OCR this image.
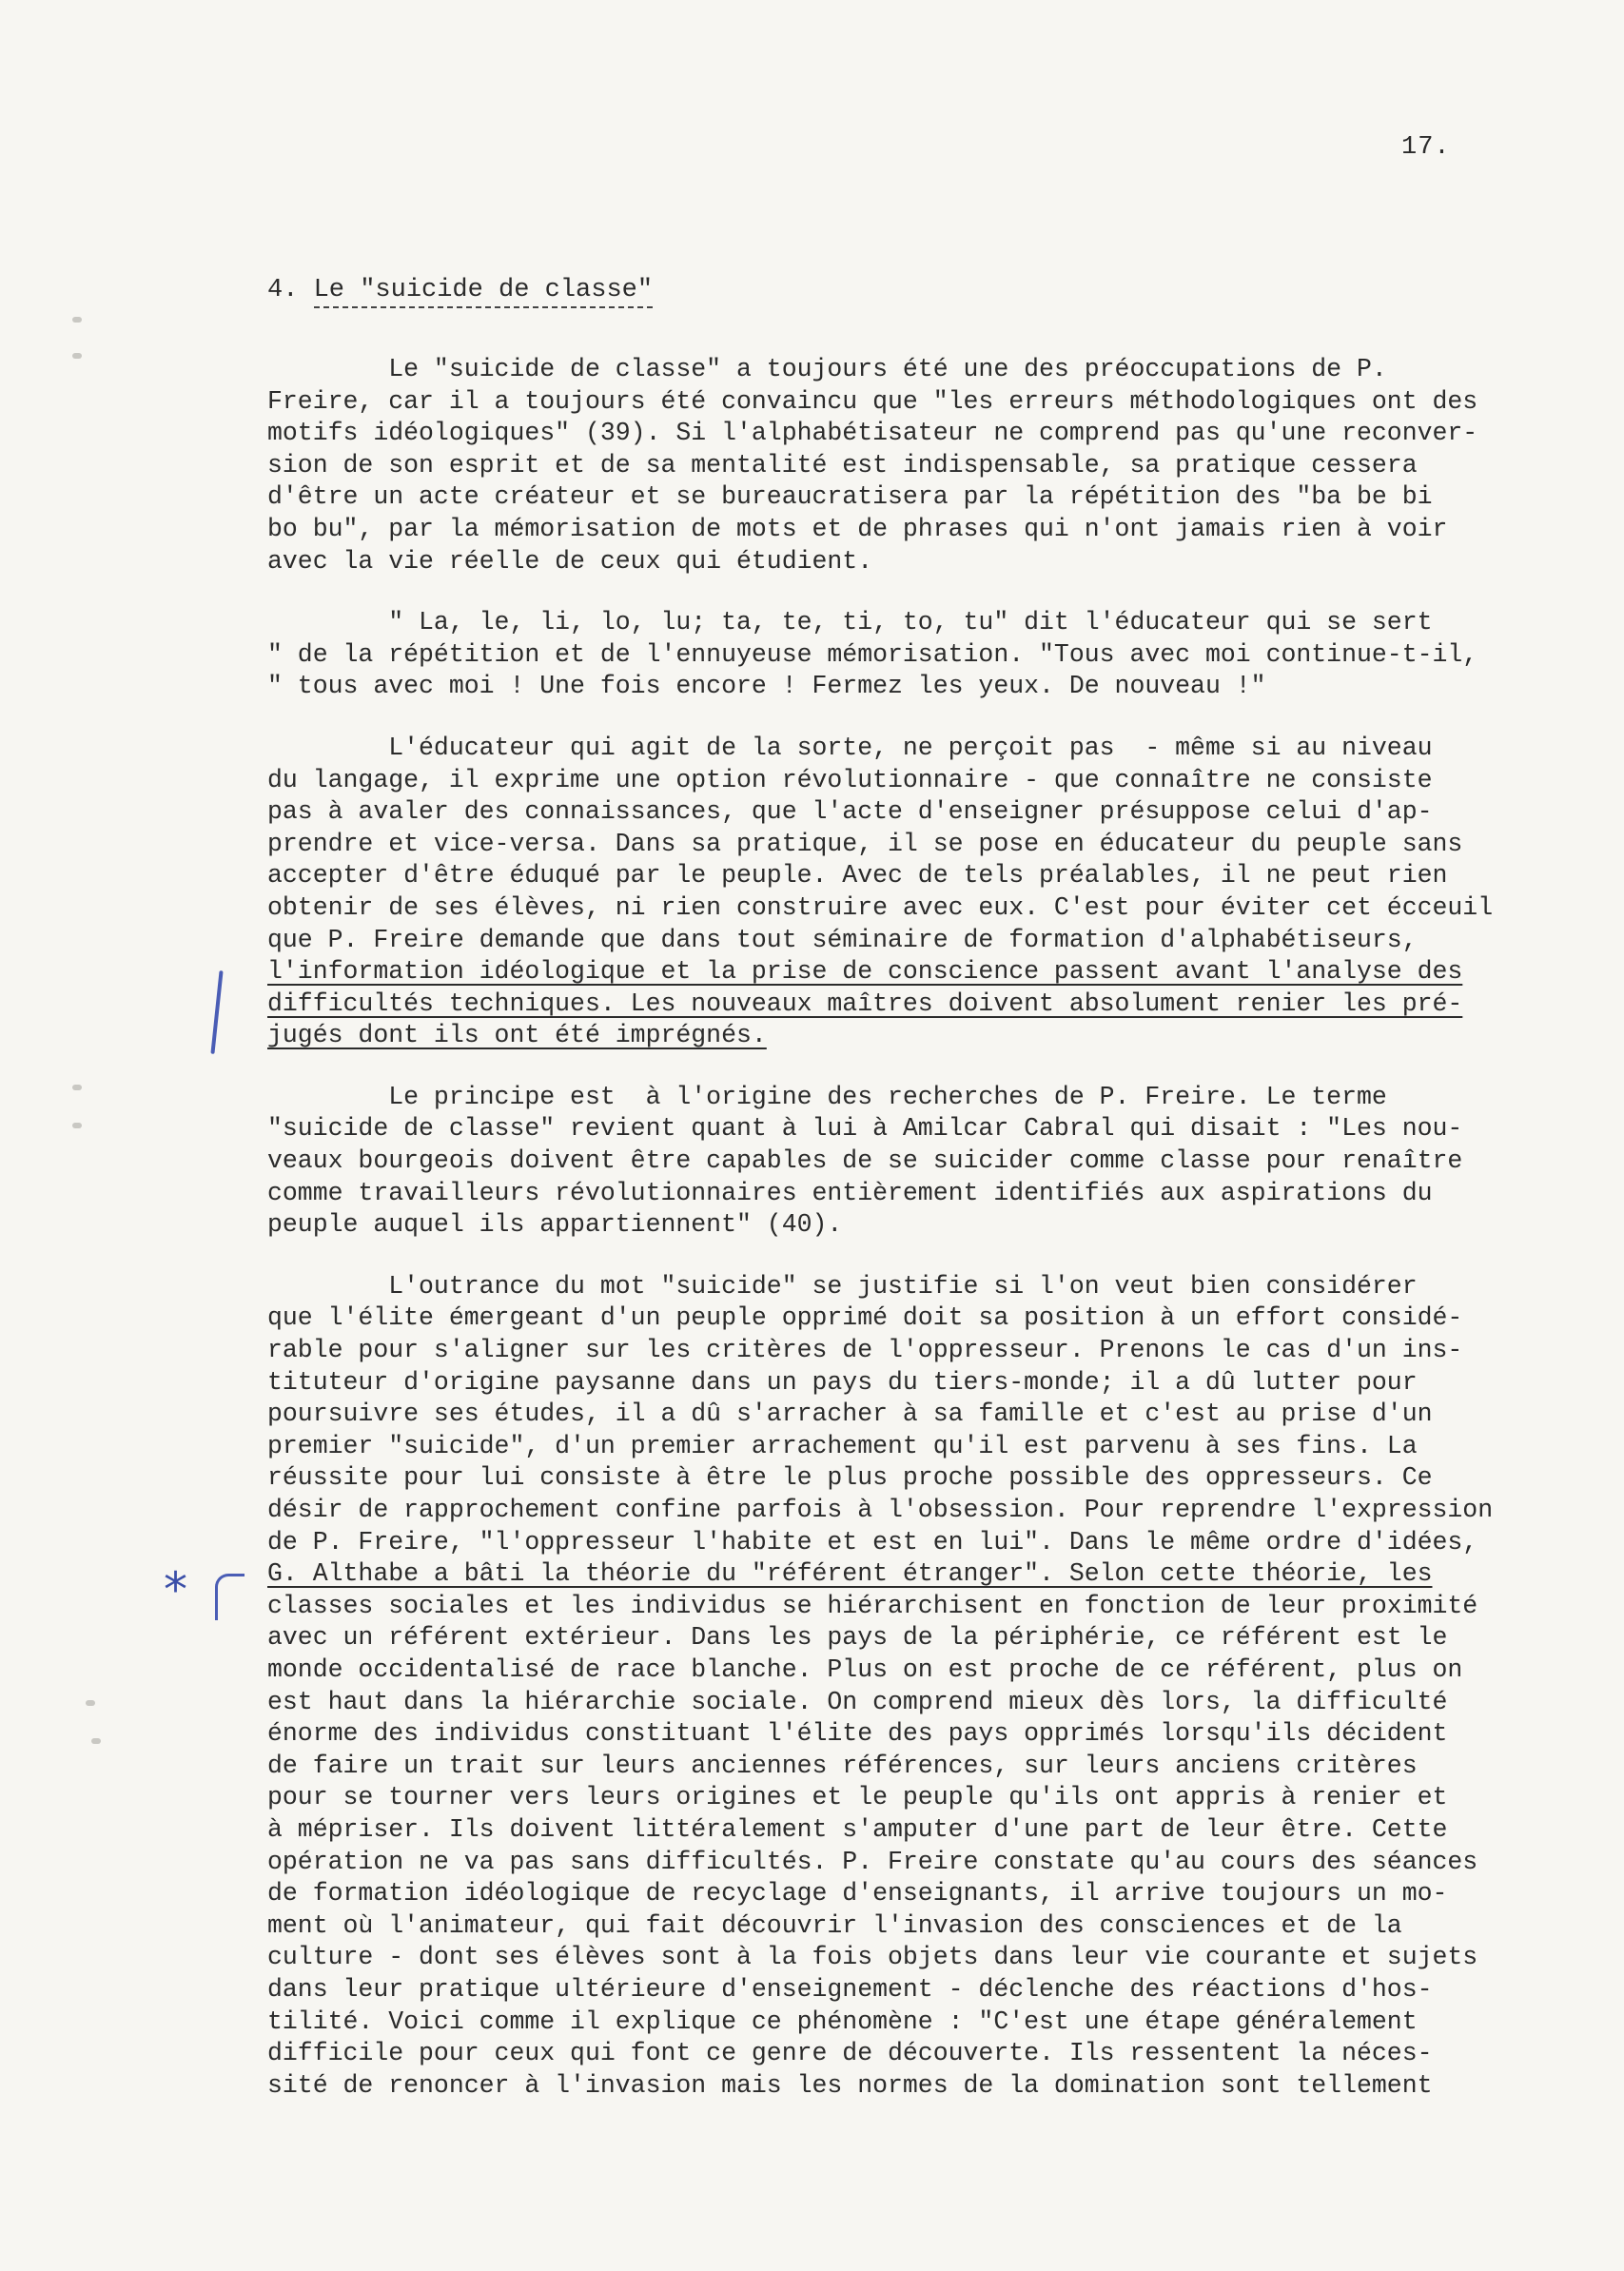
17.
4. Le "suicide de classe"
Le "suicide de classe" a toujours été une des préoccupations de P.
Freire, car il a toujours été convaincu que "les erreurs méthodologiques ont des
motifs idéologiques" (39). Si l'alphabétisateur ne comprend pas qu'une reconver-
sion de son esprit et de sa mentalité est indispensable, sa pratique cessera
d'être un acte créateur et se bureaucratisera par la répétition des "ba be bi
bo bu", par la mémorisation de mots et de phrases qui n'ont jamais rien à voir
avec la vie réelle de ceux qui étudient.
" La, le, li, lo, lu; ta, te, ti, to, tu" dit l'éducateur qui se sert
" de la répétition et de l'ennuyeuse mémorisation. "Tous avec moi continue-t-il,
" tous avec moi ! Une fois encore ! Fermez les yeux. De nouveau !"
L'éducateur qui agit de la sorte, ne perçoit pas  - même si au niveau
du langage, il exprime une option révolutionnaire - que connaître ne consiste
pas à avaler des connaissances, que l'acte d'enseigner présuppose celui d'ap-
prendre et vice-versa. Dans sa pratique, il se pose en éducateur du peuple sans
accepter d'être éduqué par le peuple. Avec de tels préalables, il ne peut rien
obtenir de ses élèves, ni rien construire avec eux. C'est pour éviter cet écceuil
que P. Freire demande que dans tout séminaire de formation d'alphabétiseurs,
l'information idéologique et la prise de conscience passent avant l'analyse des
difficultés techniques. Les nouveaux maîtres doivent absolument renier les pré-
jugés dont ils ont été imprégnés.
Le principe est  à l'origine des recherches de P. Freire. Le terme
"suicide de classe" revient quant à lui à Amilcar Cabral qui disait : "Les nou-
veaux bourgeois doivent être capables de se suicider comme classe pour renaître
comme travailleurs révolutionnaires entièrement identifiés aux aspirations du
peuple auquel ils appartiennent" (40).
L'outrance du mot "suicide" se justifie si l'on veut bien considérer
que l'élite émergeant d'un peuple opprimé doit sa position à un effort considé-
rable pour s'aligner sur les critères de l'oppresseur. Prenons le cas d'un ins-
tituteur d'origine paysanne dans un pays du tiers-monde; il a dû lutter pour
poursuivre ses études, il a dû s'arracher à sa famille et c'est au prise d'un
premier "suicide", d'un premier arrachement qu'il est parvenu à ses fins. La
réussite pour lui consiste à être le plus proche possible des oppresseurs. Ce
désir de rapprochement confine parfois à l'obsession. Pour reprendre l'expression
de P. Freire, "l'oppresseur l'habite et est en lui". Dans le même ordre d'idées,
G. Althabe a bâti la théorie du "référent étranger". Selon cette théorie, les
classes sociales et les individus se hiérarchisent en fonction de leur proximité
avec un référent extérieur. Dans les pays de la périphérie, ce référent est le
monde occidentalisé de race blanche. Plus on est proche de ce référent, plus on
est haut dans la hiérarchie sociale. On comprend mieux dès lors, la difficulté
énorme des individus constituant l'élite des pays opprimés lorsqu'ils décident
de faire un trait sur leurs anciennes références, sur leurs anciens critères
pour se tourner vers leurs origines et le peuple qu'ils ont appris à renier et
à mépriser. Ils doivent littéralement s'amputer d'une part de leur être. Cette
opération ne va pas sans difficultés. P. Freire constate qu'au cours des séances
de formation idéologique de recyclage d'enseignants, il arrive toujours un mo-
ment où l'animateur, qui fait découvrir l'invasion des consciences et de la
culture - dont ses élèves sont à la fois objets dans leur vie courante et sujets
dans leur pratique ultérieure d'enseignement - déclenche des réactions d'hos-
tilité. Voici comme il explique ce phénomène : "C'est une étape généralement
difficile pour ceux qui font ce genre de découverte. Ils ressentent la néces-
sité de renoncer à l'invasion mais les normes de la domination sont tellement
*
